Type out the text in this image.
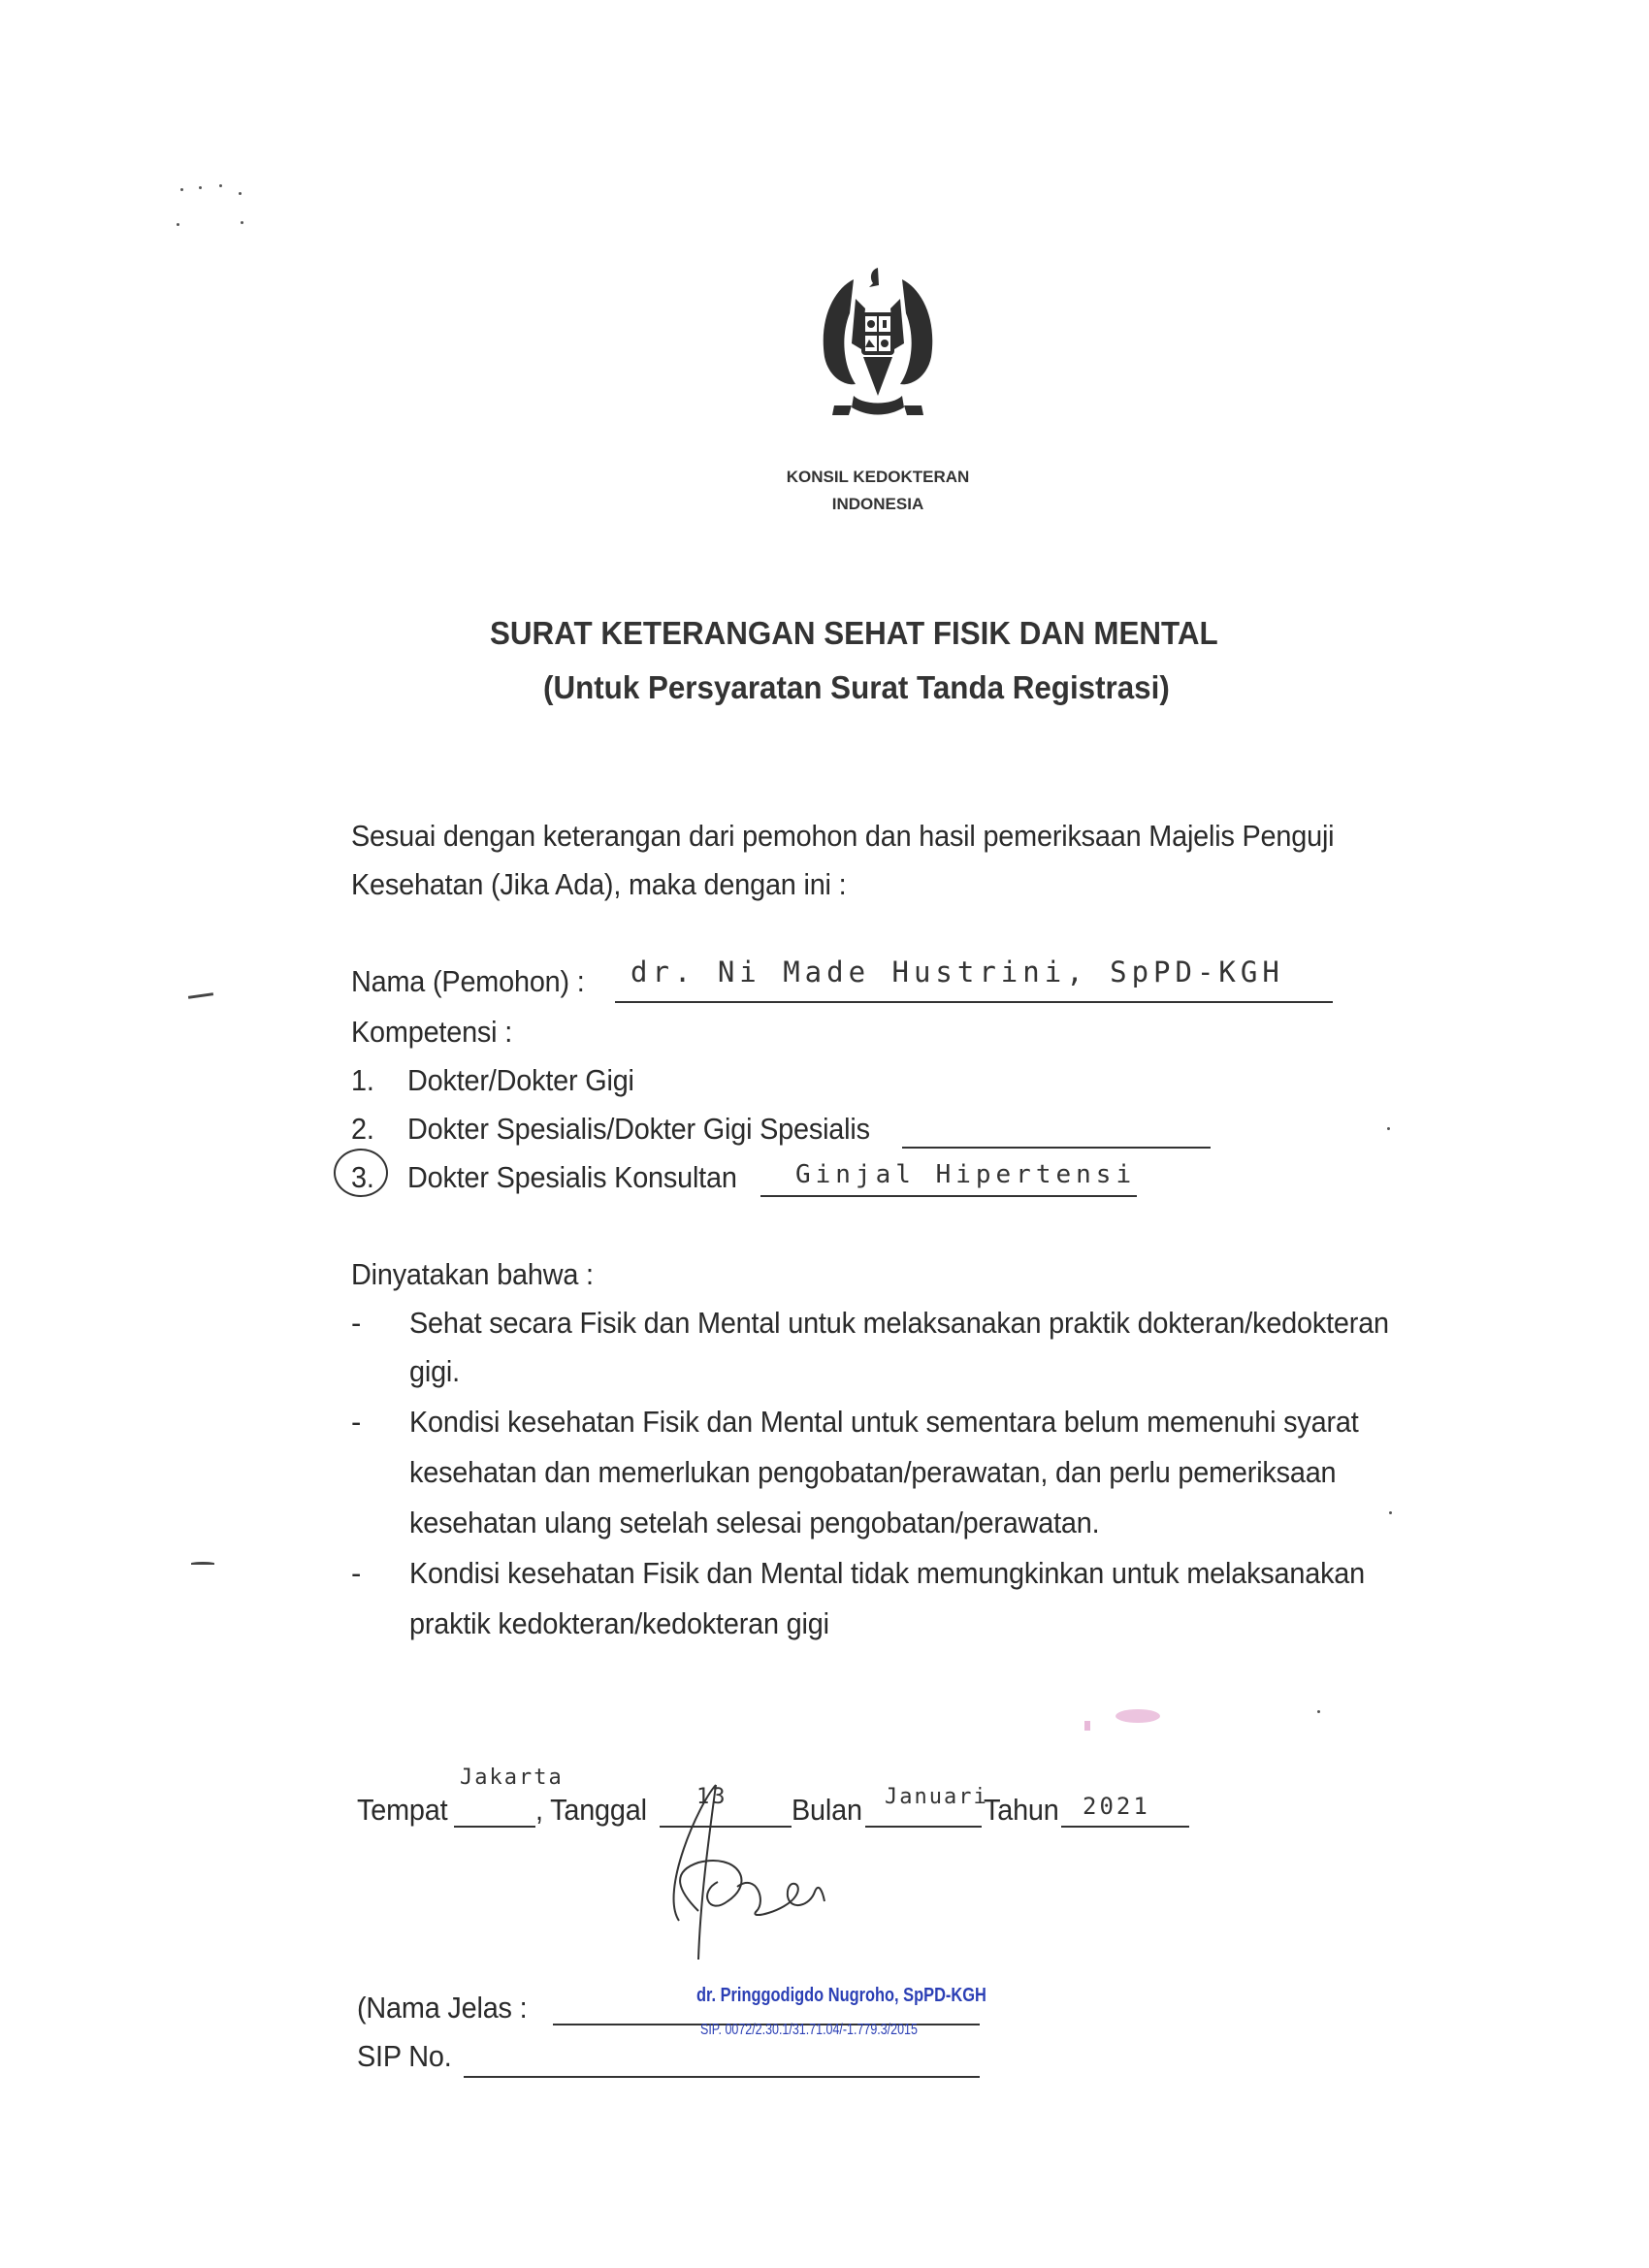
KONSIL KEDOKTERAN
INDONESIA
SURAT KETERANGAN SEHAT FISIK DAN MENTAL
(Untuk Persyaratan Surat Tanda Registrasi)
Sesuai dengan keterangan dari pemohon dan hasil pemeriksaan Majelis Penguji
Kesehatan (Jika Ada), maka dengan ini :
Nama (Pemohon) : dr. Ni Made Hustrini, SpPD-KGH
Kompetensi :
1. Dokter/Dokter Gigi
2. Dokter Spesialis/Dokter Gigi Spesialis
3. Dokter Spesialis Konsultan Ginjal Hipertensi
Dinyatakan bahwa :
- Sehat secara Fisik dan Mental untuk melaksanakan praktik dokteran/kedokteran
gigi.
- Kondisi kesehatan Fisik dan Mental untuk sementara belum memenuhi syarat
kesehatan dan memerlukan pengobatan/perawatan, dan perlu pemeriksaan
kesehatan ulang setelah selesai pengobatan/perawatan.
- Kondisi kesehatan Fisik dan Mental tidak memungkinkan untuk melaksanakan
praktik kedokteran/kedokteran gigi
Tempat
Jakarta
, Tanggal 13 Bulan Januari
Tahun 2021
(Nama Jelas :
SIP No.
dr. Pringgodigdo Nugroho, SpPD-KGH
SIP. 0072/2.30.1/31.71.04/-1.779.3/2015
